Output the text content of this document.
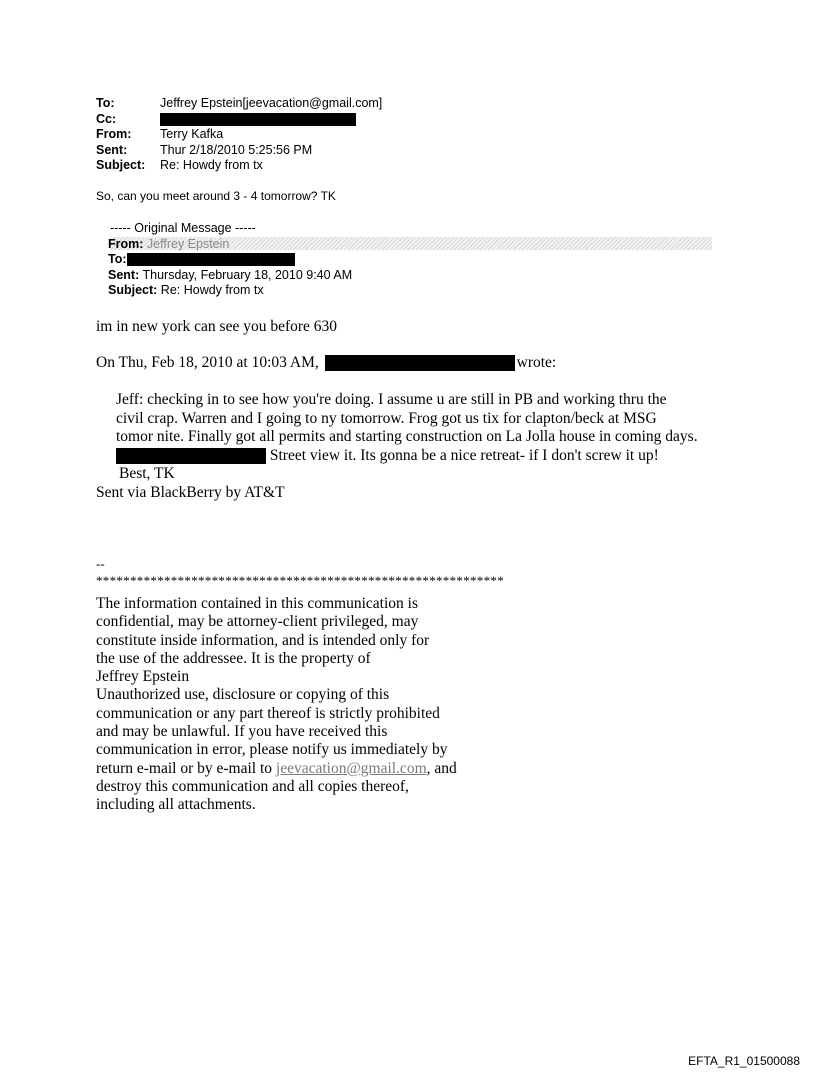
To:	Jeffrey Epstein[jeevacation@gmail.com]
Cc:
From:	Terry Kafka
Sent:	Thur 2/18/2010 5:25:56 PM
Subject:	Re: Howdy from tx
So, can you meet around 3 - 4 tomorrow? TK
----- Original Message -----
From: Jeffrey Epstein
To:
Sent: Thursday, February 18, 2010 9:40 AM
Subject: Re: Howdy from tx
im in new york can see you before 630
On Thu, Feb 18, 2010 at 10:03 AM,	wrote:
Jeff: checking in to see how you're doing. I assume u are still in PB and working thru the
civil crap. Warren and I going to ny tomorrow. Frog got us tix for clapton/beck at MSG
tomor nite. Finally got all permits and starting construction on La Jolla house in coming days.
Street view it. Its gonna be a nice retreat- if I don't screw it up!
Best, TK
Sent via BlackBerry by AT&T
--
************************************************************
The information contained in this communication is
confidential, may be attorney-client privileged, may
constitute inside information, and is intended only for
the use of the addressee. It is the property of
Jeffrey Epstein
Unauthorized use, disclosure or copying of this
communication or any part thereof is strictly prohibited
and may be unlawful. If you have received this
communication in error, please notify us immediately by
return e-mail or by e-mail to jeevacation@gmail.com, and
destroy this communication and all copies thereof,
including all attachments.
EFTA_R1_01500088
